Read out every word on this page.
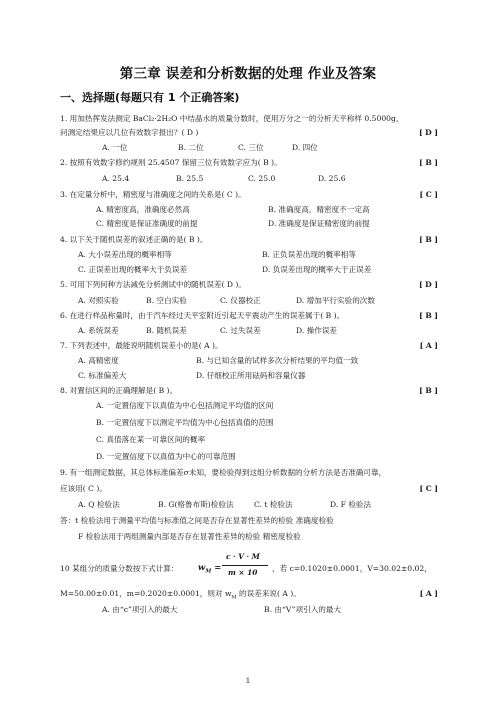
第三章 误差和分析数据的处理 作业及答案
一、选择题(每题只有 1 个正确答案)
1. 用加热挥发法测定 BaCl₂·2H₂O 中结晶水的质量分数时，使用万分之一的分析天平称样 0.5000g，
问测定结果应以几位有效数字报出？( D )	[ D ]
A. 一位	B. 二位	C. 三位	D. 四位
2. 按照有效数字修约规则 25.4507 保留三位有效数字应为( B )。	[ B ]
A. 25.4	B. 25.5	C. 25.0	D. 25.6
3. 在定量分析中，精密度与准确度之间的关系是( C )。	[ C ]
A. 精密度高，准确度必然高	B. 准确度高，精密度不一定高
C. 精密度是保证准确度的前提	D. 准确度是保证精密度的前提
4. 以下关于随机误差的叙述正确的是( B )。	[ B ]
A. 大小误差出现的概率相等	B. 正负误差出现的概率相等
C. 正误差出现的概率大于负误差	D. 负误差出现的概率大于正误差
5. 可用下列何种方法减免分析测试中的随机误差( D )。	[ D ]
A. 对照实验	B. 空白实验	C. 仪器校正	D. 增加平行实验的次数
6. 在进行样品称量时，由于汽车经过天平室附近引起天平震动产生的误差属于( B )。	[ B ]
A. 系统误差	B. 随机误差	C. 过失误差	D. 操作误差
7. 下列表述中，最能说明随机误差小的是( A )。	[ A ]
A. 高精密度	B. 与已知含量的试样多次分析结果的平均值一致
C. 标准偏差大	D. 仔细校正所用砝码和容量仪器
8. 对置信区间的正确理解是( B )。	[ B ]
A. 一定置信度下以真值为中心包括测定平均值的区间
B. 一定置信度下以测定平均值为中心包括真值的范围
C. 真值落在某一可靠区间的概率
D. 一定置信度下以真值为中心的可靠范围
9. 有一组测定数据，其总体标准偏差σ未知，要检验得到这组分析数据的分析方法是否准确可靠，
应该用( C )。	[ C ]
A. Q 检验法	B. G(格鲁布斯)检验法	C. t 检验法	D. F 检验法
答：t 检验法用于测量平均值与标准值之间是否存在显著性差异的检验 准确度检验
F 检验法用于两组测量内部是否存在显著性差异的检验 精密度检验
10 某组分的质量分数按下式计算： $w_M$ =
c · V · M
m × 10 ，若 c=0.1020±0.0001，V=30.02±0.02，
M=50.00±0.01，m=0.2020±0.0001，则对 $w_M$ 的误差来说( A )。	[ A ]
A. 由“c”项引入的最大	B. 由“V”项引入的最大
1
